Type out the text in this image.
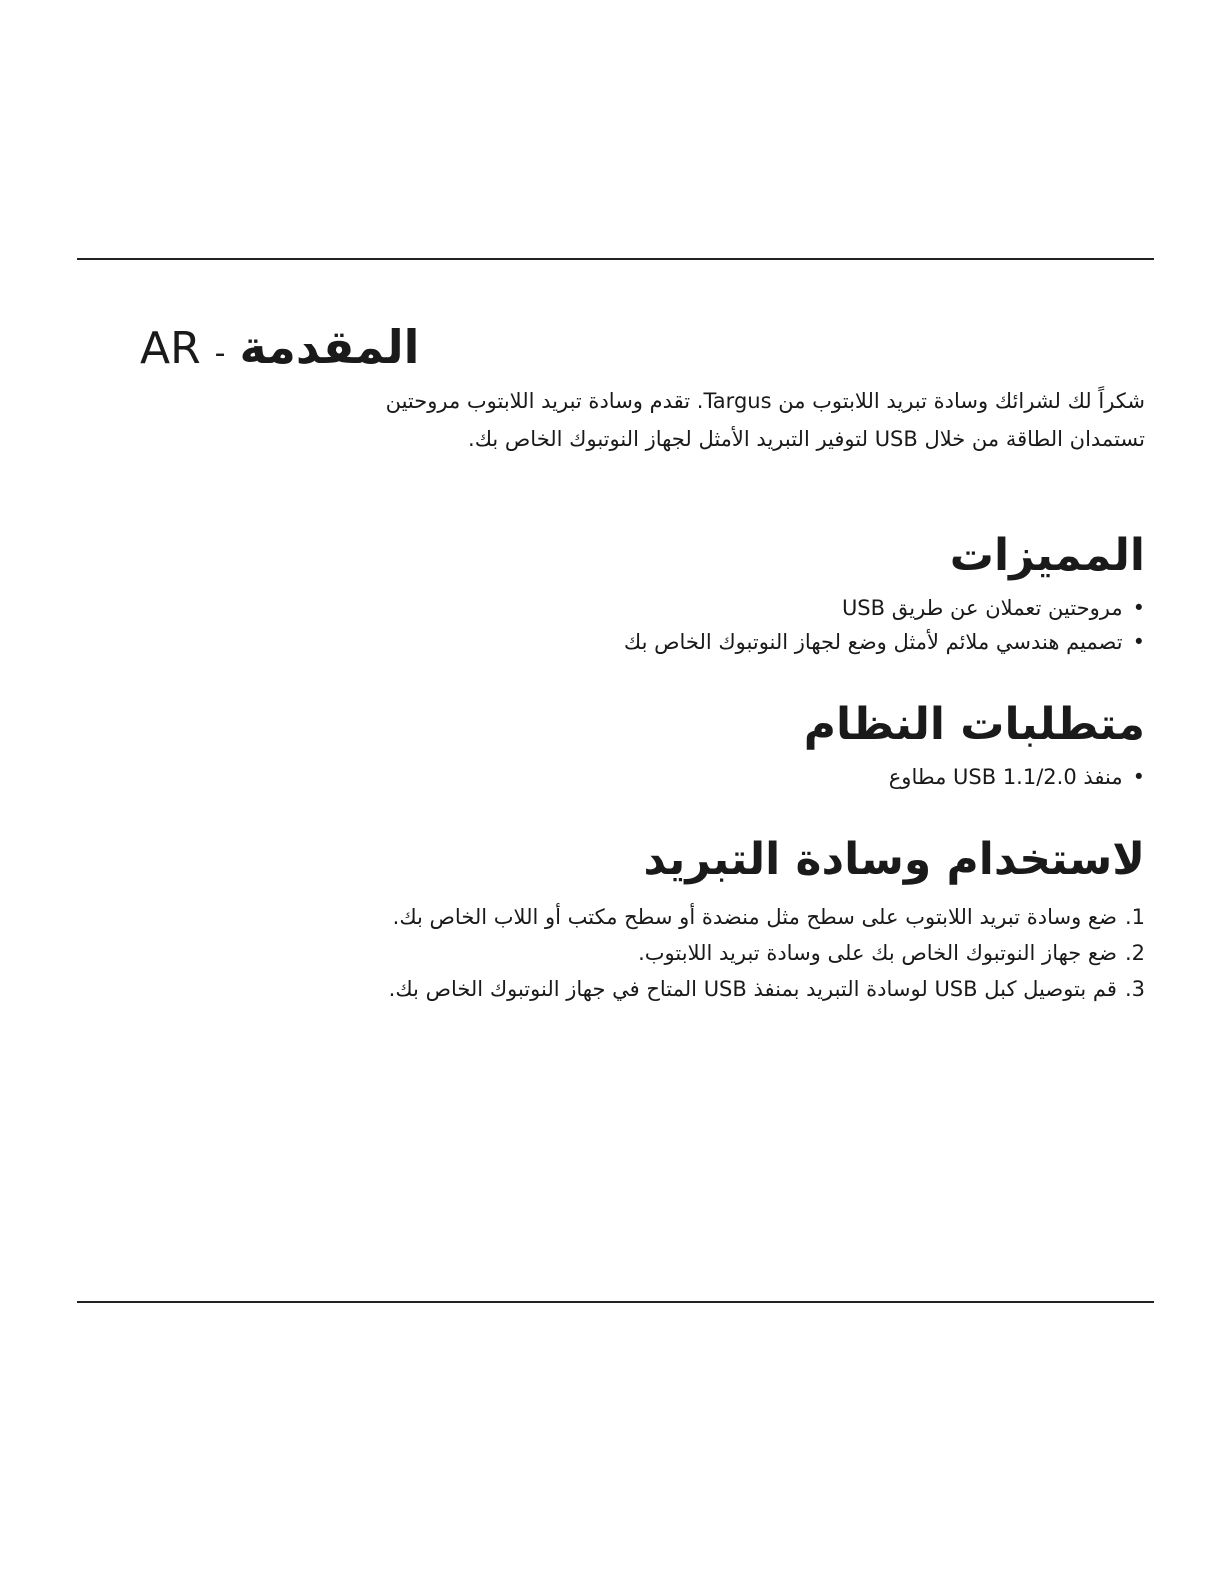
AR - المقدمة

شكراً لك لشرائك وسادة تبريد اللابتوب من Targus. تقدم وسادة تبريد اللابتوب مروحتين
تستمدان الطاقة من خلال USB لتوفير التبريد الأمثل لجهاز النوتبوك الخاص بك.

المميزات
• مروحتين تعملان عن طريق USB
• تصميم هندسي ملائم لأمثل وضع لجهاز النوتبوك الخاص بك
متطلبات النظام
• منفذ 1.1/2.0 USB مطاوع
لاستخدام وسادة التبريد
1.ضع وسادة تبريد اللابتوب على سطح مثل منضدة أو سطح مكتب أو اللاب الخاص بك.
2.ضع جهاز النوتبوك الخاص بك على وسادة تبريد اللابتوب.
3.قم بتوصيل كبل USB لوسادة التبريد بمنفذ USB المتاح في جهاز النوتبوك الخاص بك.
